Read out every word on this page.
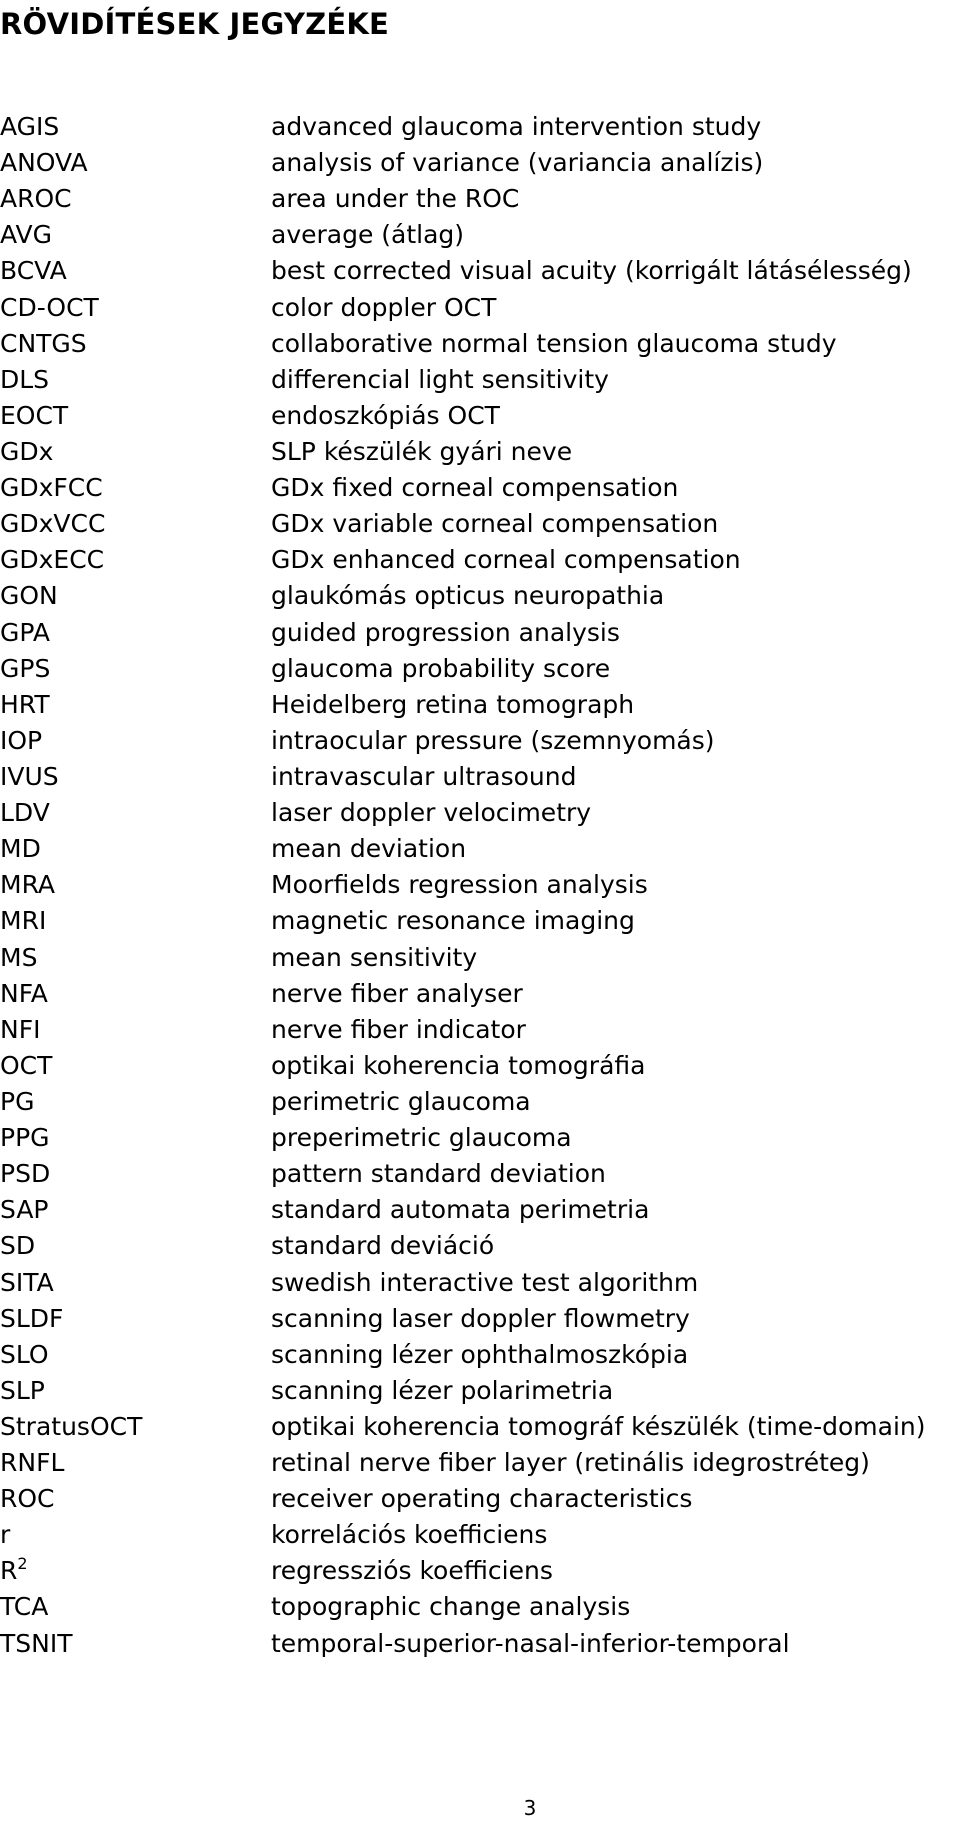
RÖVIDÍTÉSEK JEGYZÉKE
AGIS	advanced glaucoma intervention study
ANOVA	analysis of variance (variancia analízis)
AROC	area under the ROC
AVG	average (átlag)
BCVA	best corrected visual acuity (korrigált látásélesség)
CD-OCT	color doppler OCT
CNTGS	collaborative normal tension glaucoma study
DLS	differencial light sensitivity
EOCT	endoszkópiás OCT
GDx	SLP készülék gyári neve
GDxFCC	GDx fixed corneal compensation
GDxVCC	GDx variable corneal compensation
GDxECC	GDx enhanced corneal compensation
GON	glaukómás opticus neuropathia
GPA	guided progression analysis
GPS	glaucoma probability score
HRT	Heidelberg retina tomograph
IOP	intraocular pressure (szemnyomás)
IVUS	intravascular ultrasound
LDV	laser doppler velocimetry
MD	mean deviation
MRA	Moorfields regression analysis
MRI	magnetic resonance imaging
MS	mean sensitivity
NFA	nerve fiber analyser
NFI	nerve fiber indicator
OCT	optikai koherencia tomográfia
PG	perimetric glaucoma
PPG	preperimetric glaucoma
PSD	pattern standard deviation
SAP	standard automata perimetria
SD	standard deviáció
SITA	swedish interactive test algorithm
SLDF	scanning laser doppler flowmetry
SLO	scanning lézer ophthalmoszkópia
SLP	scanning lézer polarimetria
StratusOCT	optikai koherencia tomográf készülék (time-domain)
RNFL	retinal nerve fiber layer (retinális idegrostréteg)
ROC	receiver operating characteristics
r	korrelációs koefficiens
$R^2$	regressziós koefficiens
TCA	topographic change analysis
TSNIT	temporal-superior-nasal-inferior-temporal
3
